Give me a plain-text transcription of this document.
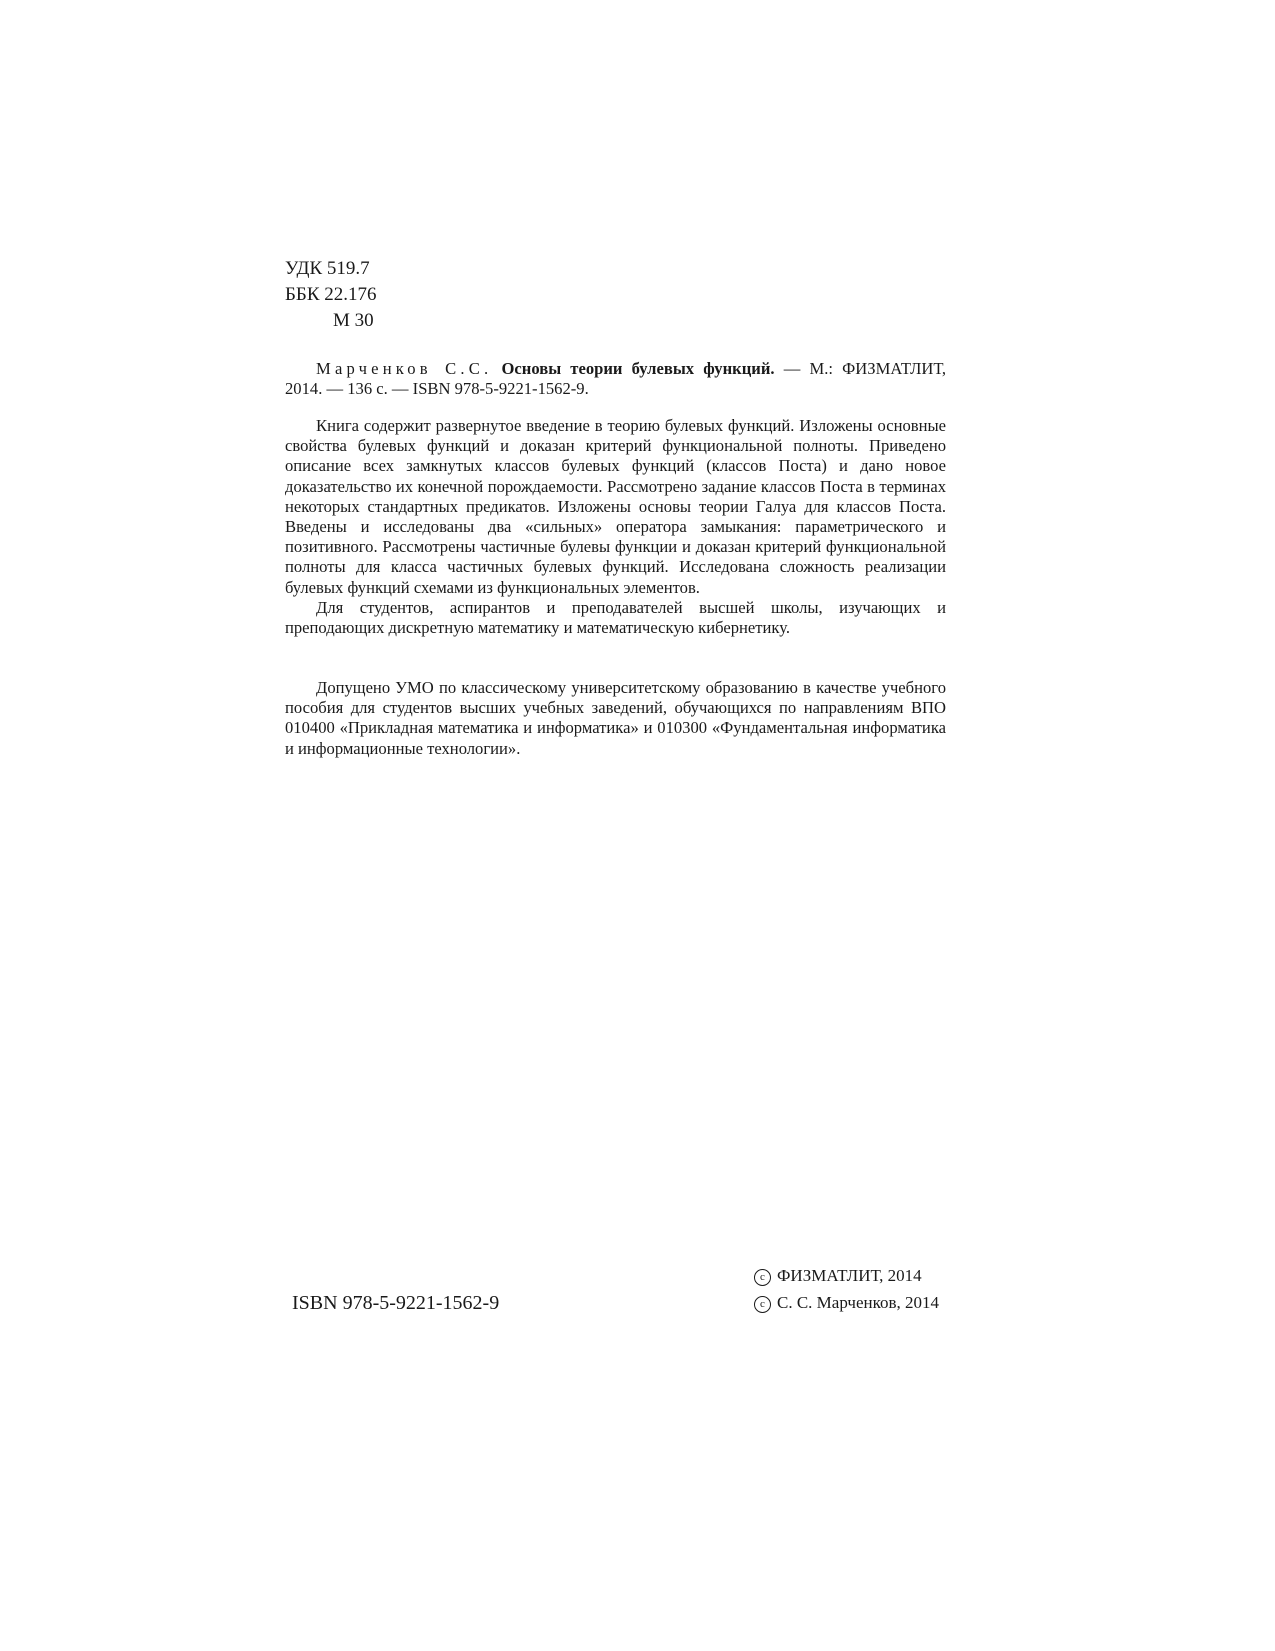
УДК 519.7
ББК 22.176
М 30

Марченков С.С. Основы теории булевых функций. — М.: ФИЗМАТЛИТ, 2014. — 136 с. — ISBN 978-5-9221-1562-9.

Книга содержит развернутое введение в теорию булевых функций. Изложены основные свойства булевых функций и доказан критерий функциональной полноты. Приведено описание всех замкнутых классов булевых функций (классов Поста) и дано новое доказательство их конечной порождаемости. Рассмотрено задание классов Поста в терминах некоторых стандартных предикатов. Изложены основы теории Галуа для классов Поста. Введены и исследованы два «сильных» оператора замыкания: параметрического и позитивного. Рассмотрены частичные булевы функции и доказан критерий функциональной полноты для класса частичных булевых функций. Исследована сложность реализации булевых функций схемами из функциональных элементов.

Для студентов, аспирантов и преподавателей высшей школы, изучающих и преподающих дискретную математику и математическую кибернетику.

Допущено УМО по классическому университетскому образованию в качестве учебного пособия для студентов высших учебных заведений, обучающихся по направлениям ВПО 010400 «Прикладная математика и информатика» и 010300 «Фундаментальная информатика и информационные технологии».

ISBN 978-5-9221-1562-9
c ФИЗМАТЛИТ, 2014
c С. С. Марченков, 2014
